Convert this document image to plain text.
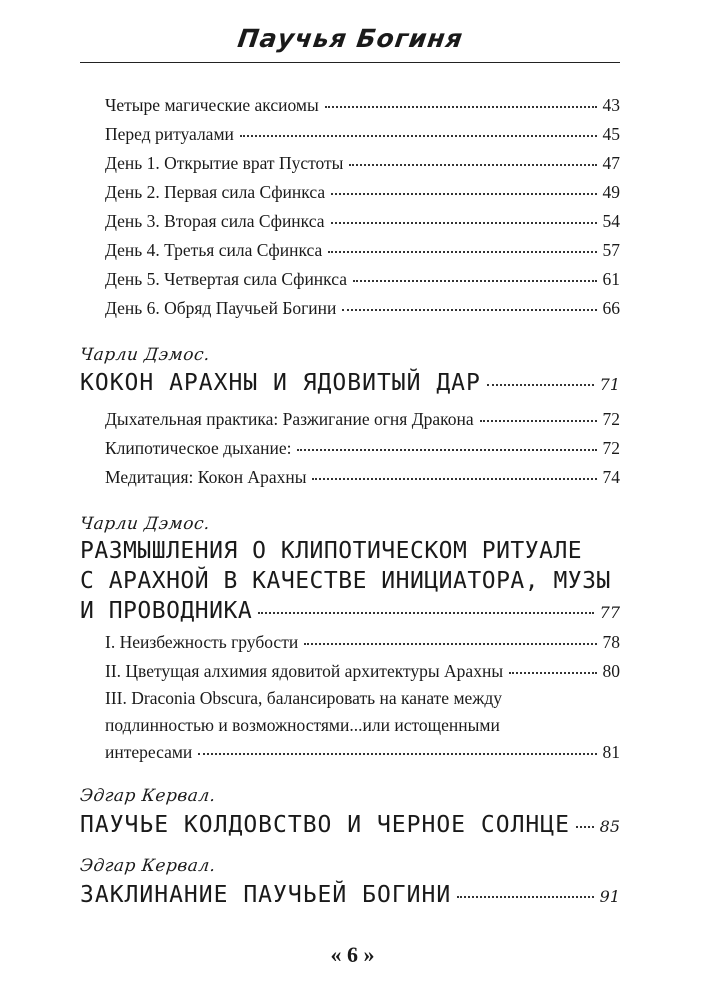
Паучья Богиня
Четыре магические аксиомы	43
Перед ритуалами	45
День 1. Открытие врат Пустоты	47
День 2. Первая сила Сфинкса	49
День 3. Вторая сила Сфинкса	54
День 4. Третья сила Сфинкса	57
День 5. Четвертая сила Сфинкса	61
День 6. Обряд Паучьей Богини	66
Чарли Дэмос.
КОКОН АРАХНЫ И ЯДОВИТЫЙ ДАР	71
Дыхательная практика: Разжигание огня Дракона	72
Клипотическое дыхание:	72
Медитация: Кокон Арахны	74
Чарли Дэмос.
РАЗМЫШЛЕНИЯ О КЛИПОТИЧЕСКОМ РИТУАЛЕ
С АРАХНОЙ В КАЧЕСТВЕ ИНИЦИАТОРА, МУЗЫ
И ПРОВОДНИКА	77
I. Неизбежность грубости	78
II. Цветущая алхимия ядовитой архитектуры Арахны	80
III. Draconia Obscura, балансировать на канате между
подлинностью и возможностями...или истощенными
интересами	81
Эдгар Кервал.
ПАУЧЬЕ КОЛДОВСТВО И ЧЕРНОЕ СОЛНЦЕ 85
Эдгар Кервал.
ЗАКЛИНАНИЕ ПАУЧЬЕЙ БОГИНИ	91
« 6 »
